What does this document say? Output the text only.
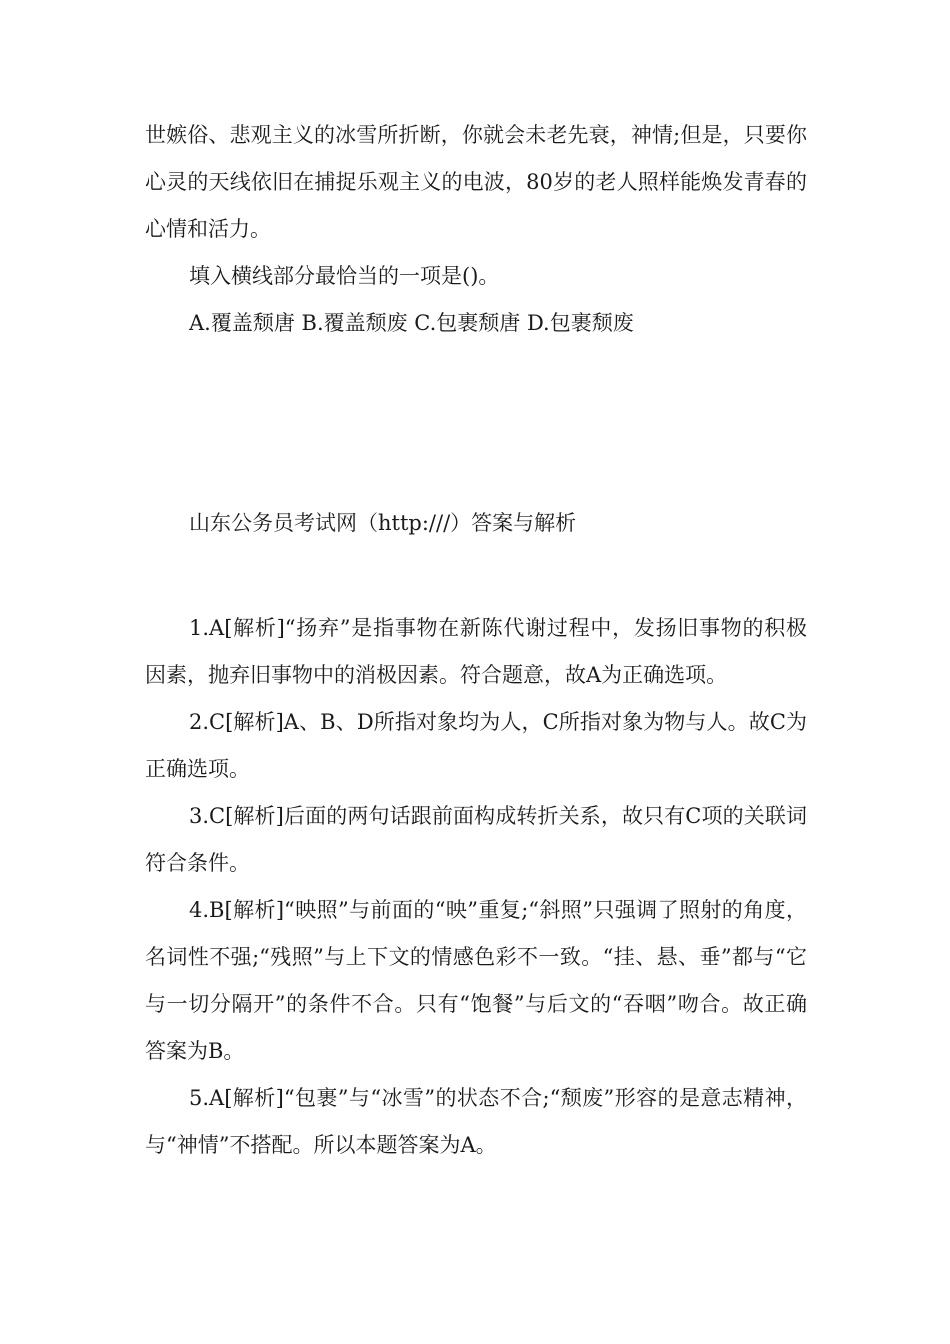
世嫉俗、悲观主义的冰雪所折断，你就会未老先衰，神情;但是，只要你心灵的天线依旧在捕捉乐观主义的电波，80岁的老人照样能焕发青春的心情和活力。

填入横线部分最恰当的一项是()。

A.覆盖颓唐 B.覆盖颓废 C.包裹颓唐 D.包裹颓废

山东公务员考试网（http:///）答案与解析

1.A[解析]“扬弃”是指事物在新陈代谢过程中，发扬旧事物的积极因素，抛弃旧事物中的消极因素。符合题意，故A为正确选项。

2.C[解析]A、B、D所指对象均为人，C所指对象为物与人。故C为正确选项。

3.C[解析]后面的两句话跟前面构成转折关系，故只有C项的关联词符合条件。

4.B[解析]“映照”与前面的“映”重复;“斜照”只强调了照射的角度，名词性不强;“残照”与上下文的情感色彩不一致。“挂、悬、垂”都与“它与一切分隔开”的条件不合。只有“饱餐”与后文的“吞咽”吻合。故正确答案为B。

5.A[解析]“包裹”与“冰雪”的状态不合;“颓废”形容的是意志精神，与“神情”不搭配。所以本题答案为A。
